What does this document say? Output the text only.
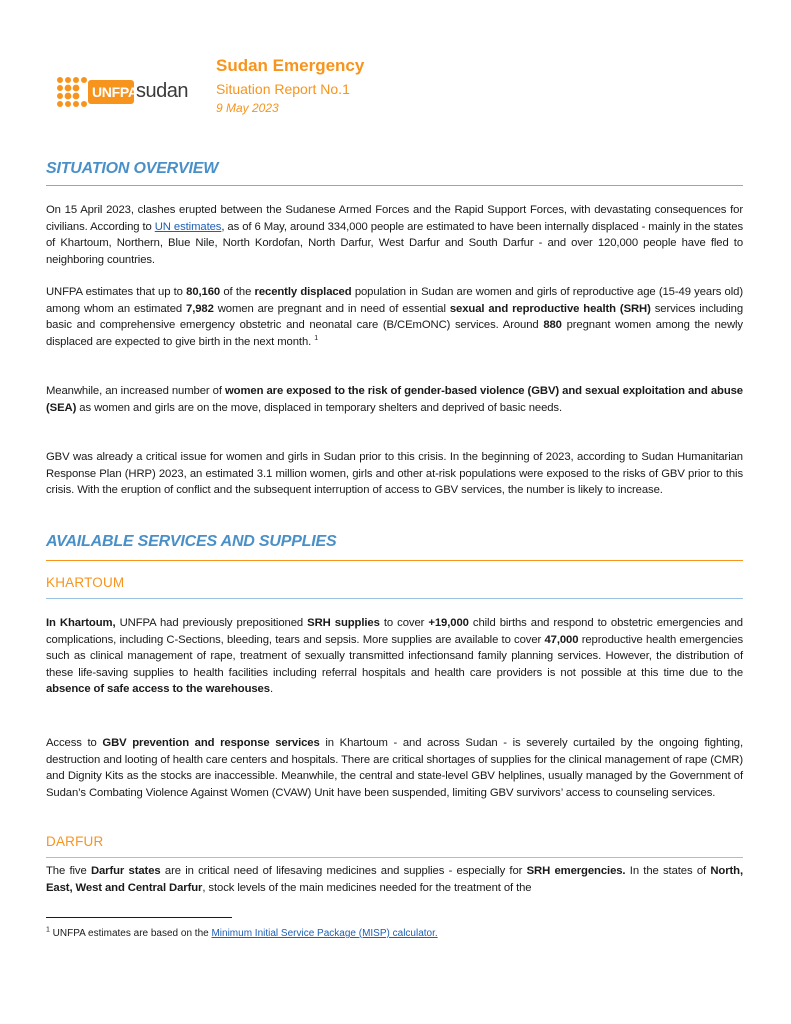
UNFPA
sudan
Sudan Emergency
Situation Report No.1
9 May 2023
SITUATION OVERVIEW
On 15 April 2023, clashes erupted between the Sudanese Armed Forces and the Rapid Support Forces, with devastating consequences for civilians. According to UN estimates, as of 6 May, around 334,000 people are estimated to have been internally displaced - mainly in the states of Khartoum, Northern, Blue Nile, North Kordofan, North Darfur, West Darfur and South Darfur - and over 120,000 people have fled to neighboring countries.
UNFPA estimates that up to 80,160 of the recently displaced population in Sudan are women and girls of reproductive age (15-49 years old) among whom an estimated 7,982 women are pregnant and in need of essential sexual and reproductive health (SRH) services including basic and comprehensive emergency obstetric and neonatal care (B/CEmONC) services. Around 880 pregnant women among the newly displaced are expected to give birth in the next month. $^1$
Meanwhile, an increased number of women are exposed to the risk of gender-based violence (GBV) and sexual exploitation and abuse (SEA) as women and girls are on the move, displaced in temporary shelters and deprived of basic needs.
GBV was already a critical issue for women and girls in Sudan prior to this crisis. In the beginning of 2023, according to Sudan Humanitarian Response Plan (HRP) 2023, an estimated 3.1 million women, girls and other at-risk populations were exposed to the risks of GBV prior to this crisis. With the eruption of conflict and the subsequent interruption of access to GBV services, the number is likely to increase.
AVAILABLE SERVICES AND SUPPLIES
KHARTOUM
In Khartoum, UNFPA had previously prepositioned SRH supplies to cover +19,000 child births and respond to obstetric emergencies and complications, including C-Sections, bleeding, tears and sepsis. More supplies are available to cover 47,000 reproductive health emergencies such as clinical management of rape, treatment of sexually transmitted infectionsand family planning services. However, the distribution of these life-saving supplies to health facilities including referral hospitals and health care providers is not possible at this time due to the absence of safe access to the warehouses.
Access to GBV prevention and response services in Khartoum - and across Sudan - is severely curtailed by the ongoing fighting, destruction and looting of health care centers and hospitals. There are critical shortages of supplies for the clinical management of rape (CMR) and Dignity Kits as the stocks are inaccessible. Meanwhile, the central and state-level GBV helplines, usually managed by the Government of Sudan’s Combating Violence Against Women (CVAW) Unit have been suspended, limiting GBV survivors’ access to counseling services.
DARFUR
The five Darfur states are in critical need of lifesaving medicines and supplies - especially for SRH emergencies. In the states of North, East, West and Central Darfur, stock levels of the main medicines needed for the treatment of the
$^1$ UNFPA estimates are based on the Minimum Initial Service Package (MISP) calculator.
